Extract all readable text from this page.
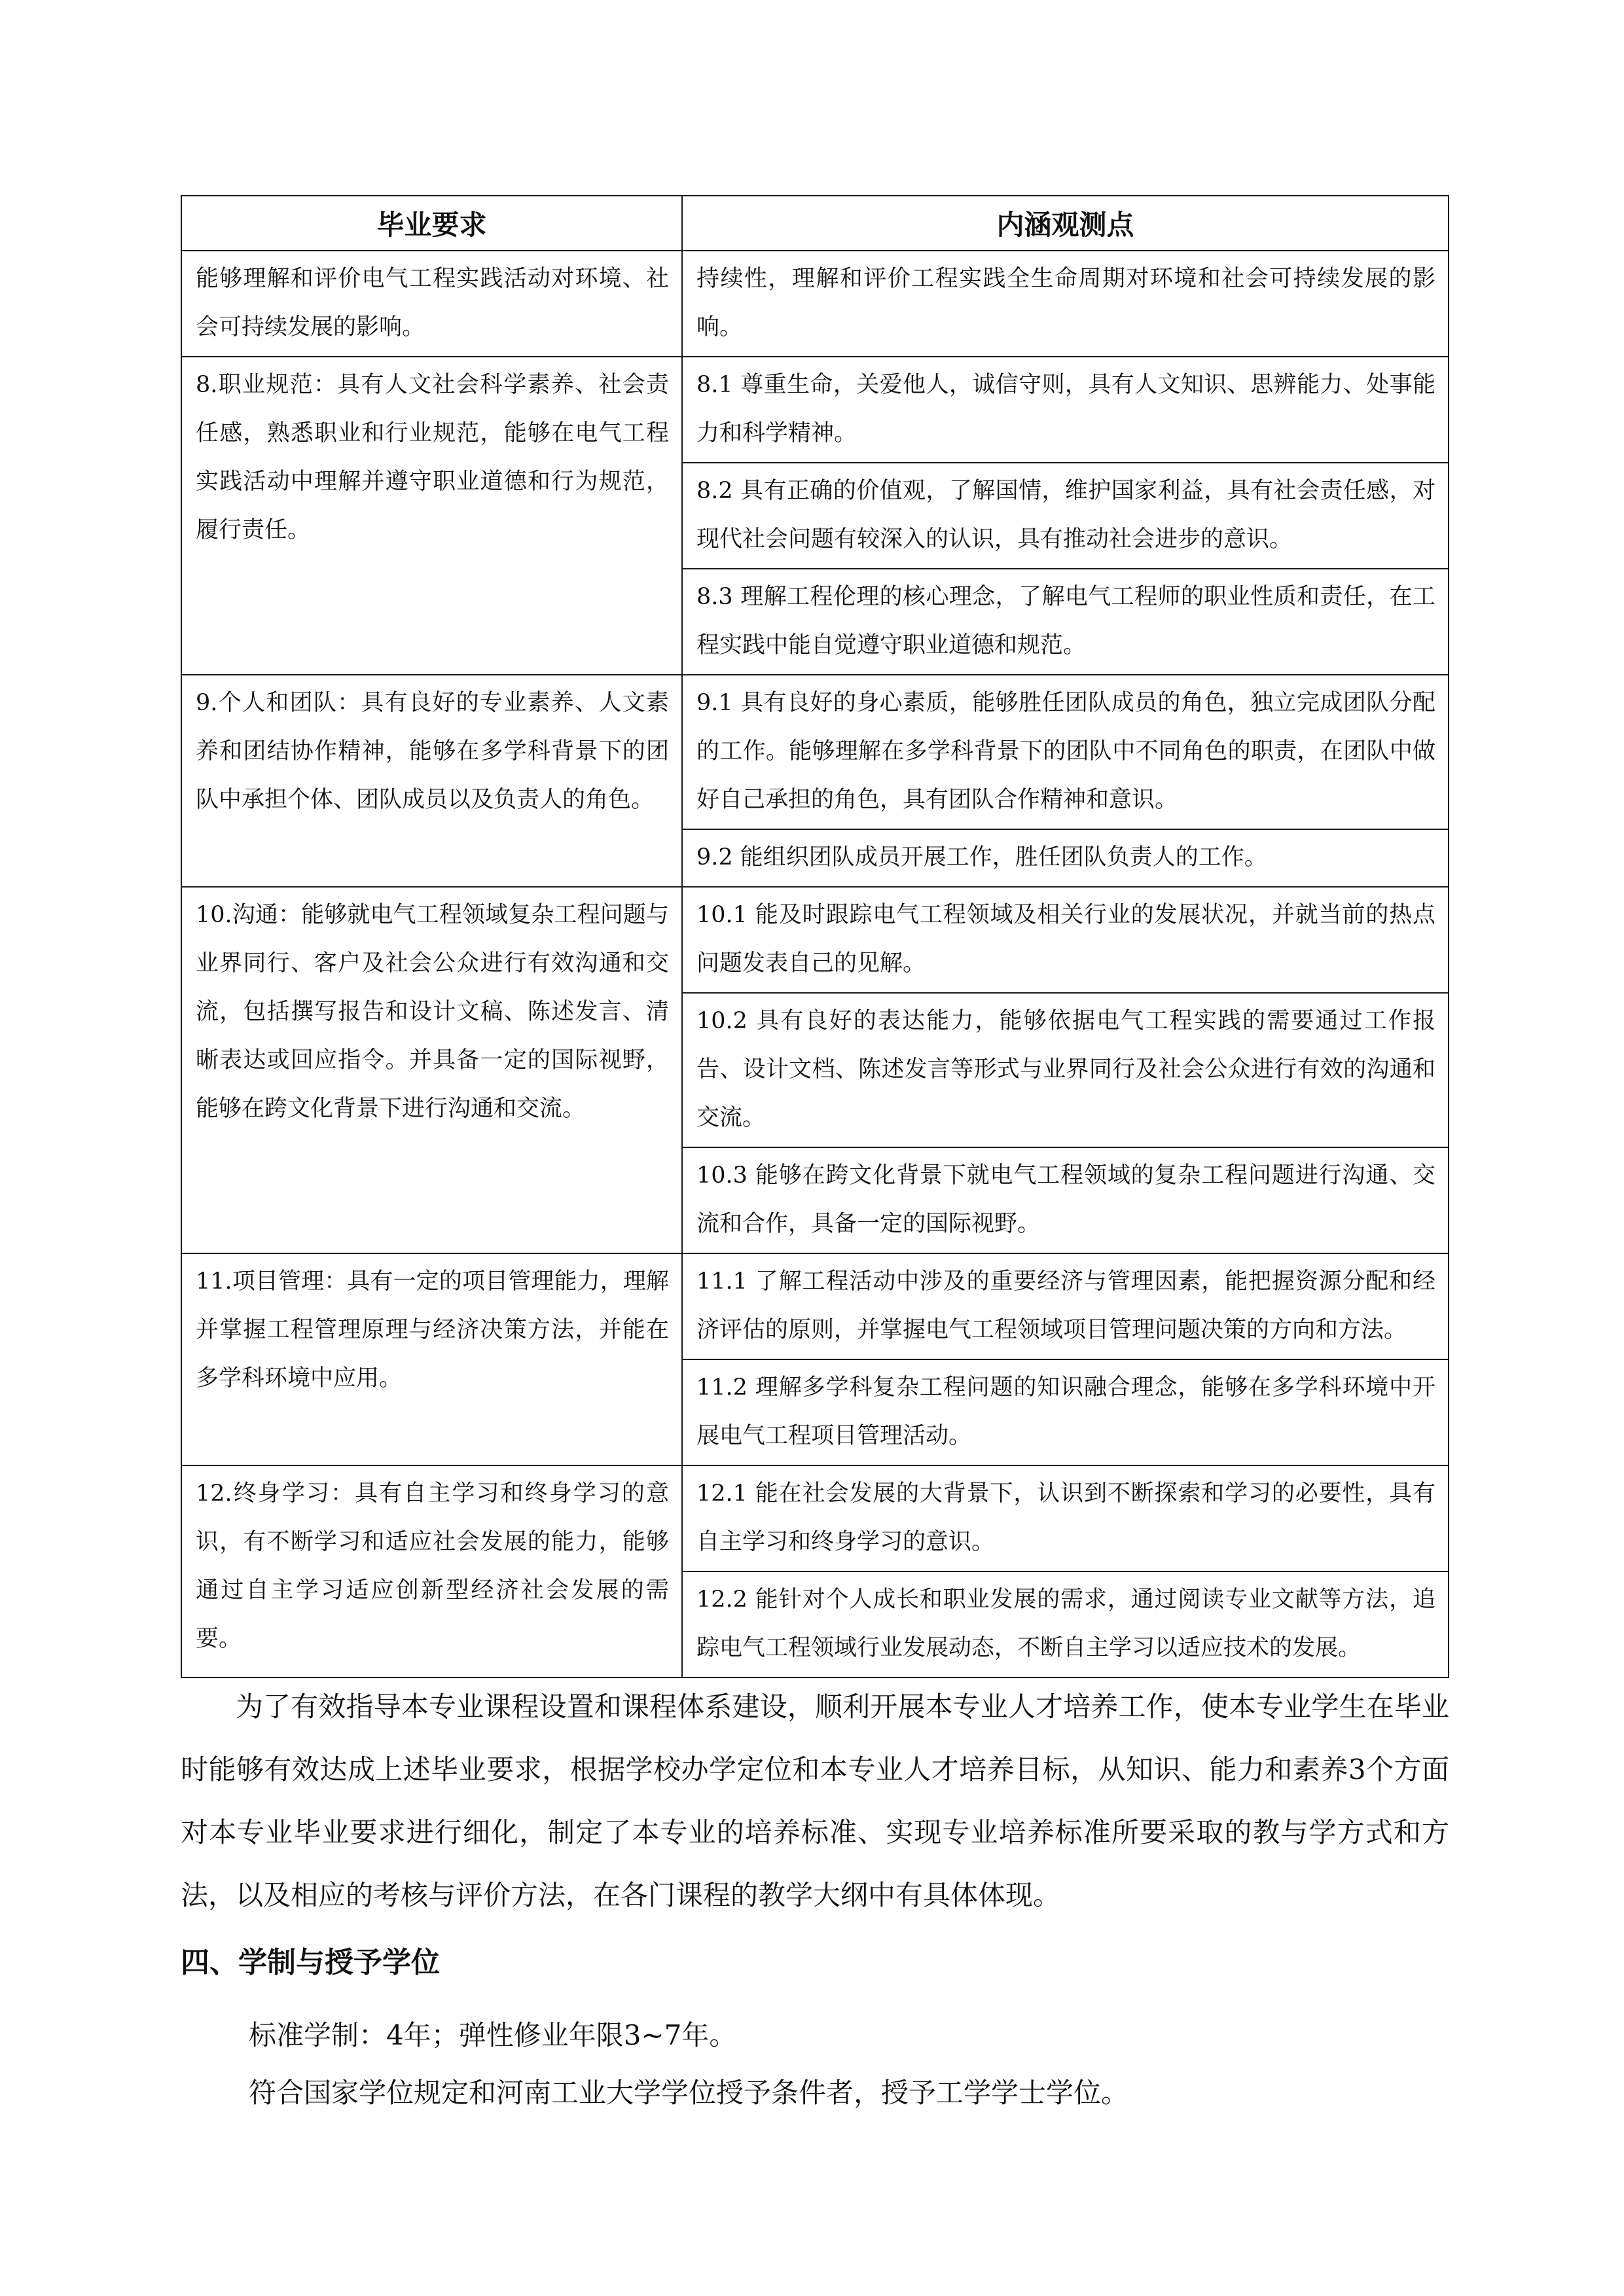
毕业要求	内涵观测点

能够理解和评价电气工程实践活动对环境、社会可持续发展的影响。	持续性，理解和评价工程实践全生命周期对环境和社会可持续发展的影响。

8.职业规范：具有人文社会科学素养、社会责任感，熟悉职业和行业规范，能够在电气工程实践活动中理解并遵守职业道德和行为规范，履行责任。	8.1 尊重生命，关爱他人，诚信守则，具有人文知识、思辨能力、处事能力和科学精神。

	8.2 具有正确的价值观，了解国情，维护国家利益，具有社会责任感，对现代社会问题有较深入的认识，具有推动社会进步的意识。

	8.3 理解工程伦理的核心理念，了解电气工程师的职业性质和责任，在工程实践中能自觉遵守职业道德和规范。

9.个人和团队：具有良好的专业素养、人文素养和团结协作精神，能够在多学科背景下的团队中承担个体、团队成员以及负责人的角色。	9.1 具有良好的身心素质，能够胜任团队成员的角色，独立完成团队分配的工作。能够理解在多学科背景下的团队中不同角色的职责，在团队中做好自己承担的角色，具有团队合作精神和意识。

	9.2 能组织团队成员开展工作，胜任团队负责人的工作。

10.沟通：能够就电气工程领域复杂工程问题与业界同行、客户及社会公众进行有效沟通和交流，包括撰写报告和设计文稿、陈述发言、清晰表达或回应指令。并具备一定的国际视野，能够在跨文化背景下进行沟通和交流。	10.1 能及时跟踪电气工程领域及相关行业的发展状况，并就当前的热点问题发表自己的见解。

	10.2 具有良好的表达能力，能够依据电气工程实践的需要通过工作报告、设计文档、陈述发言等形式与业界同行及社会公众进行有效的沟通和交流。

	10.3 能够在跨文化背景下就电气工程领域的复杂工程问题进行沟通、交流和合作，具备一定的国际视野。

11.项目管理：具有一定的项目管理能力，理解并掌握工程管理原理与经济决策方法，并能在多学科环境中应用。	11.1 了解工程活动中涉及的重要经济与管理因素，能把握资源分配和经济评估的原则，并掌握电气工程领域项目管理问题决策的方向和方法。

	11.2 理解多学科复杂工程问题的知识融合理念，能够在多学科环境中开展电气工程项目管理活动。

12.终身学习：具有自主学习和终身学习的意识，有不断学习和适应社会发展的能力，能够通过自主学习适应创新型经济社会发展的需要。	12.1 能在社会发展的大背景下，认识到不断探索和学习的必要性，具有自主学习和终身学习的意识。

	12.2 能针对个人成长和职业发展的需求，通过阅读专业文献等方法，追踪电气工程领域行业发展动态，不断自主学习以适应技术的发展。

为了有效指导本专业课程设置和课程体系建设，顺利开展本专业人才培养工作，使本专业学生在毕业时能够有效达成上述毕业要求，根据学校办学定位和本专业人才培养目标，从知识、能力和素养3个方面对本专业毕业要求进行细化，制定了本专业的培养标准、实现专业培养标准所要采取的教与学方式和方法，以及相应的考核与评价方法，在各门课程的教学大纲中有具体体现。

四、学制与授予学位

标准学制：4年；弹性修业年限3~7年。

符合国家学位规定和河南工业大学学位授予条件者，授予工学学士学位。
